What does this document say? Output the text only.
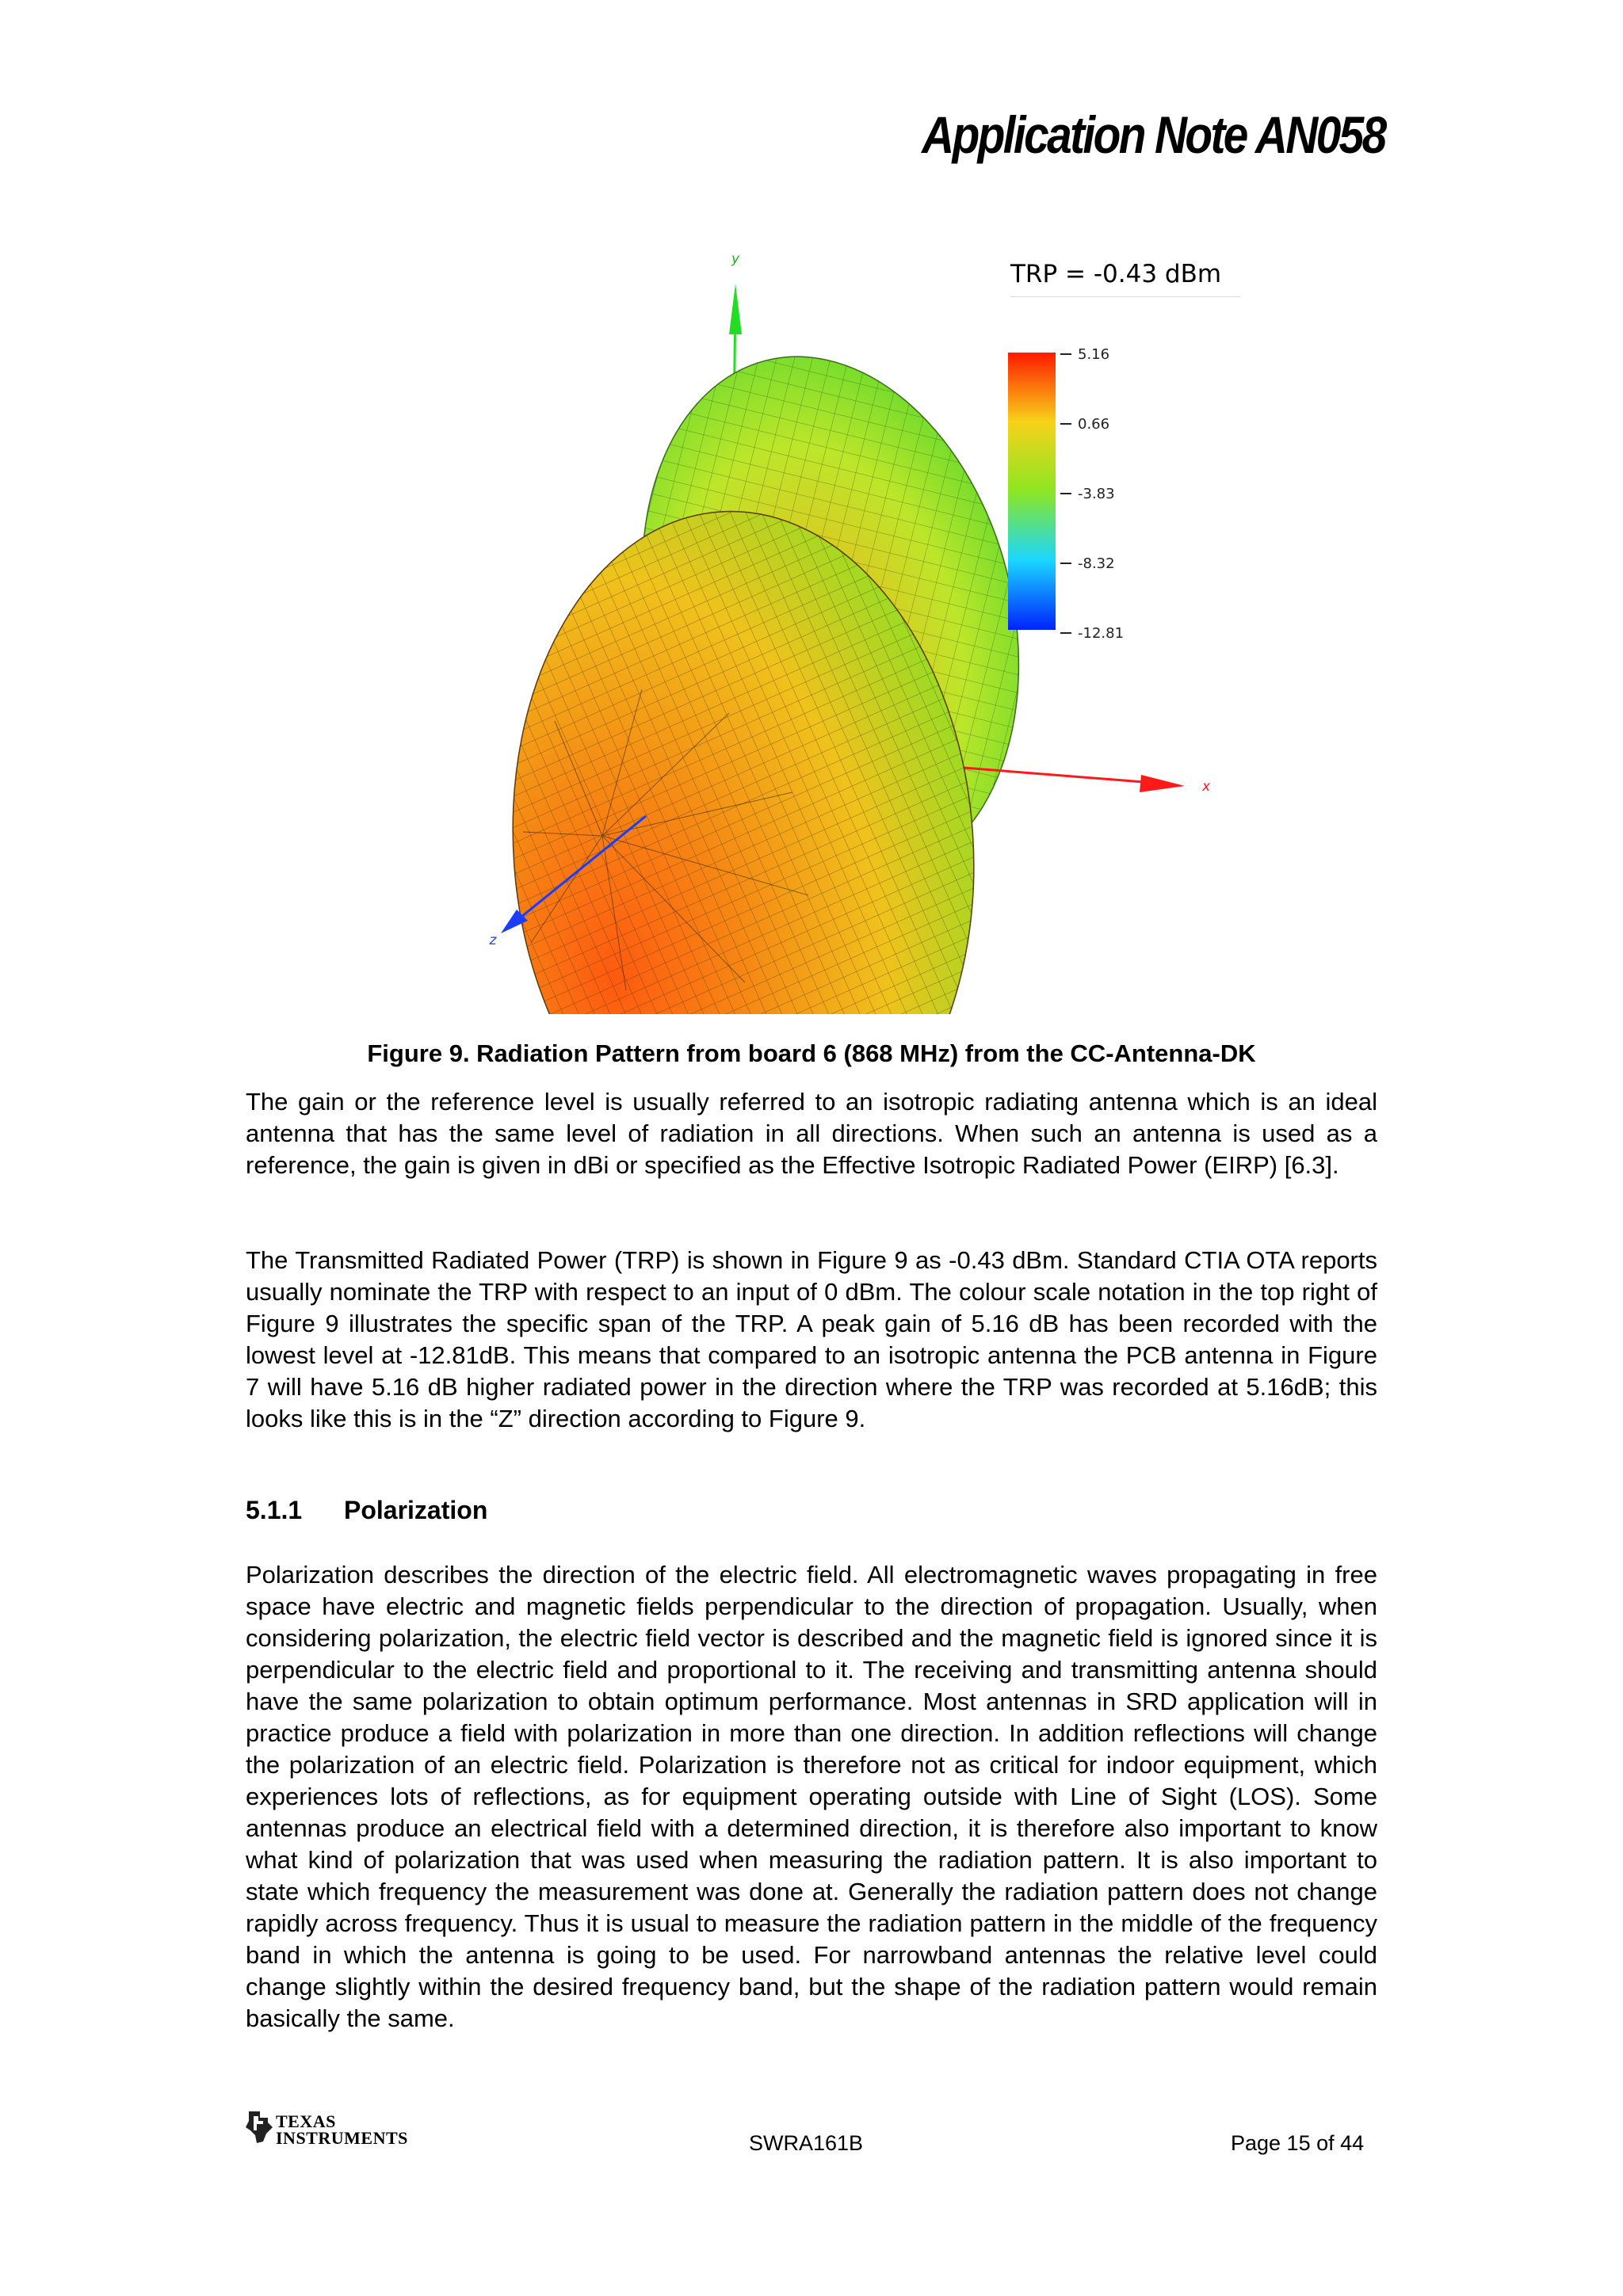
Application Note AN058
y
x
z
5.16
0.66
-3.83
-8.32
-12.81
TRP = -0.43 dBm
Figure 9. Radiation Pattern from board 6 (868 MHz) from the CC-Antenna-DK

The gain or the reference level is usually referred to an isotropic radiating antenna which is an ideal antenna that has the same level of radiation in all directions. When such an antenna is used as a reference, the gain is given in dBi or specified as the Effective Isotropic Radiated Power (EIRP) [6.3].

The Transmitted Radiated Power (TRP) is shown in Figure 9 as -0.43 dBm. Standard CTIA OTA reports usually nominate the TRP with respect to an input of 0 dBm. The colour scale notation in the top right of Figure 9 illustrates the specific span of the TRP. A peak gain of 5.16 dB has been recorded with the lowest level at -12.81dB. This means that compared to an isotropic antenna the PCB antenna in Figure 7 will have 5.16 dB higher radiated power in the direction where the TRP was recorded at 5.16dB; this looks like this is in the “Z” direction according to Figure 9.

5.1.1 Polarization

Polarization describes the direction of the electric field. All electromagnetic waves propagating in free space have electric and magnetic fields perpendicular to the direction of propagation. Usually, when considering polarization, the electric field vector is described and the magnetic field is ignored since it is perpendicular to the electric field and proportional to it. The receiving and transmitting antenna should have the same polarization to obtain optimum performance. Most antennas in SRD application will in practice produce a field with polarization in more than one direction. In addition reflections will change the polarization of an electric field. Polarization is therefore not as critical for indoor equipment, which experiences lots of reflections, as for equipment operating outside with Line of Sight (LOS). Some antennas produce an electrical field with a determined direction, it is therefore also important to know what kind of polarization that was used when measuring the radiation pattern. It is also important to state which frequency the measurement was done at. Generally the radiation pattern does not change rapidly across frequency. Thus it is usual to measure the radiation pattern in the middle of the frequency band in which the antenna is going to be used. For narrowband antennas the relative level could change slightly within the desired frequency band, but the shape of the radiation pattern would remain basically the same.

TEXAS
INSTRUMENTS	SWRA161B	Page 15 of 44
